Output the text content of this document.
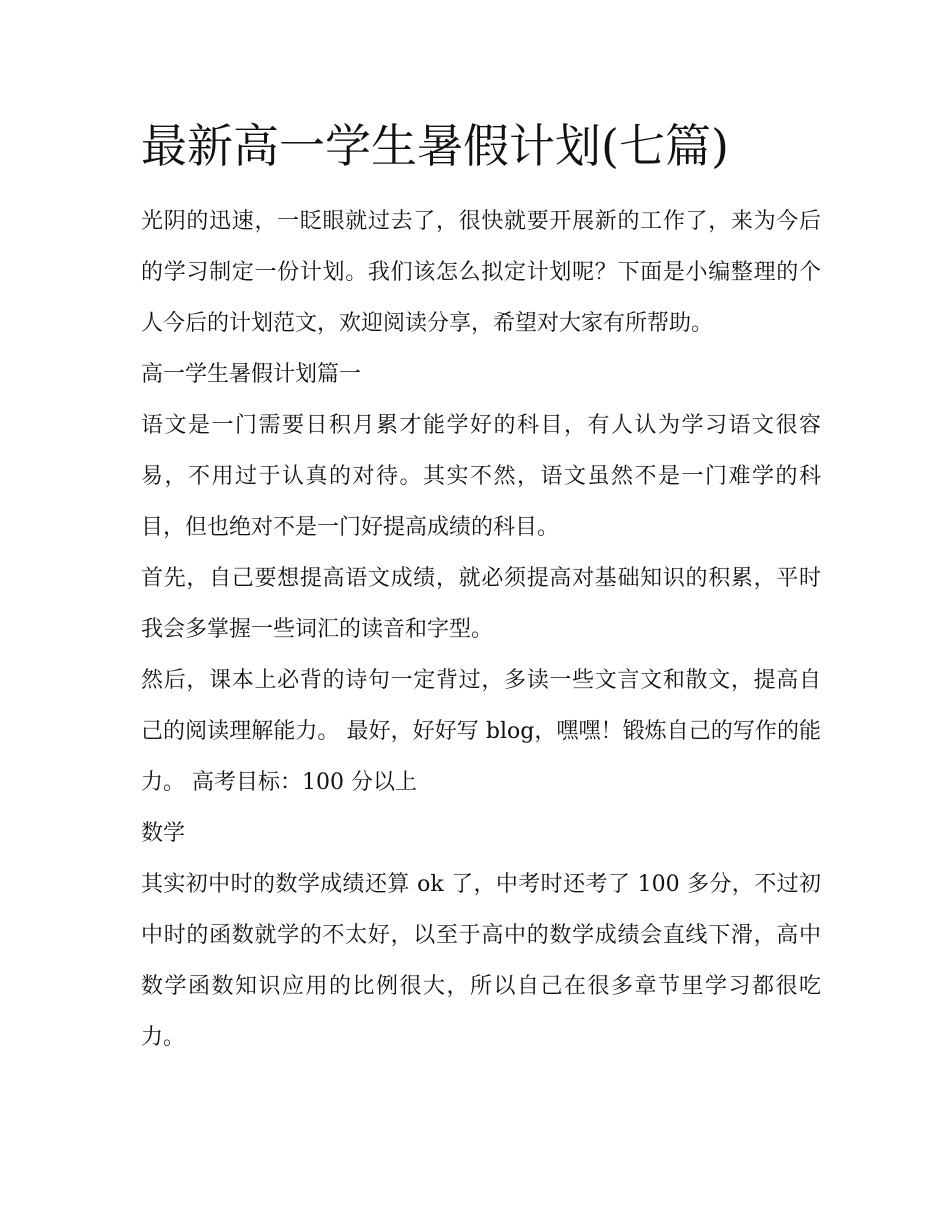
最新高一学生暑假计划(七篇)

光阴的迅速，一眨眼就过去了，很快就要开展新的工作了，来为今后的学习制定一份计划。我们该怎么拟定计划呢？下面是小编整理的个人今后的计划范文，欢迎阅读分享，希望对大家有所帮助。

高一学生暑假计划篇一

语文是一门需要日积月累才能学好的科目，有人认为学习语文很容易，不用过于认真的对待。其实不然，语文虽然不是一门难学的科目，但也绝对不是一门好提高成绩的科目。

首先，自己要想提高语文成绩，就必须提高对基础知识的积累，平时我会多掌握一些词汇的读音和字型。

然后，课本上必背的诗句一定背过，多读一些文言文和散文，提高自己的阅读理解能力。 最好，好好写 blog，嘿嘿！锻炼自己的写作的能力。 高考目标：100 分以上

数学

其实初中时的数学成绩还算 ok 了，中考时还考了 100 多分，不过初中时的函数就学的不太好，以至于高中的数学成绩会直线下滑，高中数学函数知识应用的比例很大，所以自己在很多章节里学习都很吃力。
